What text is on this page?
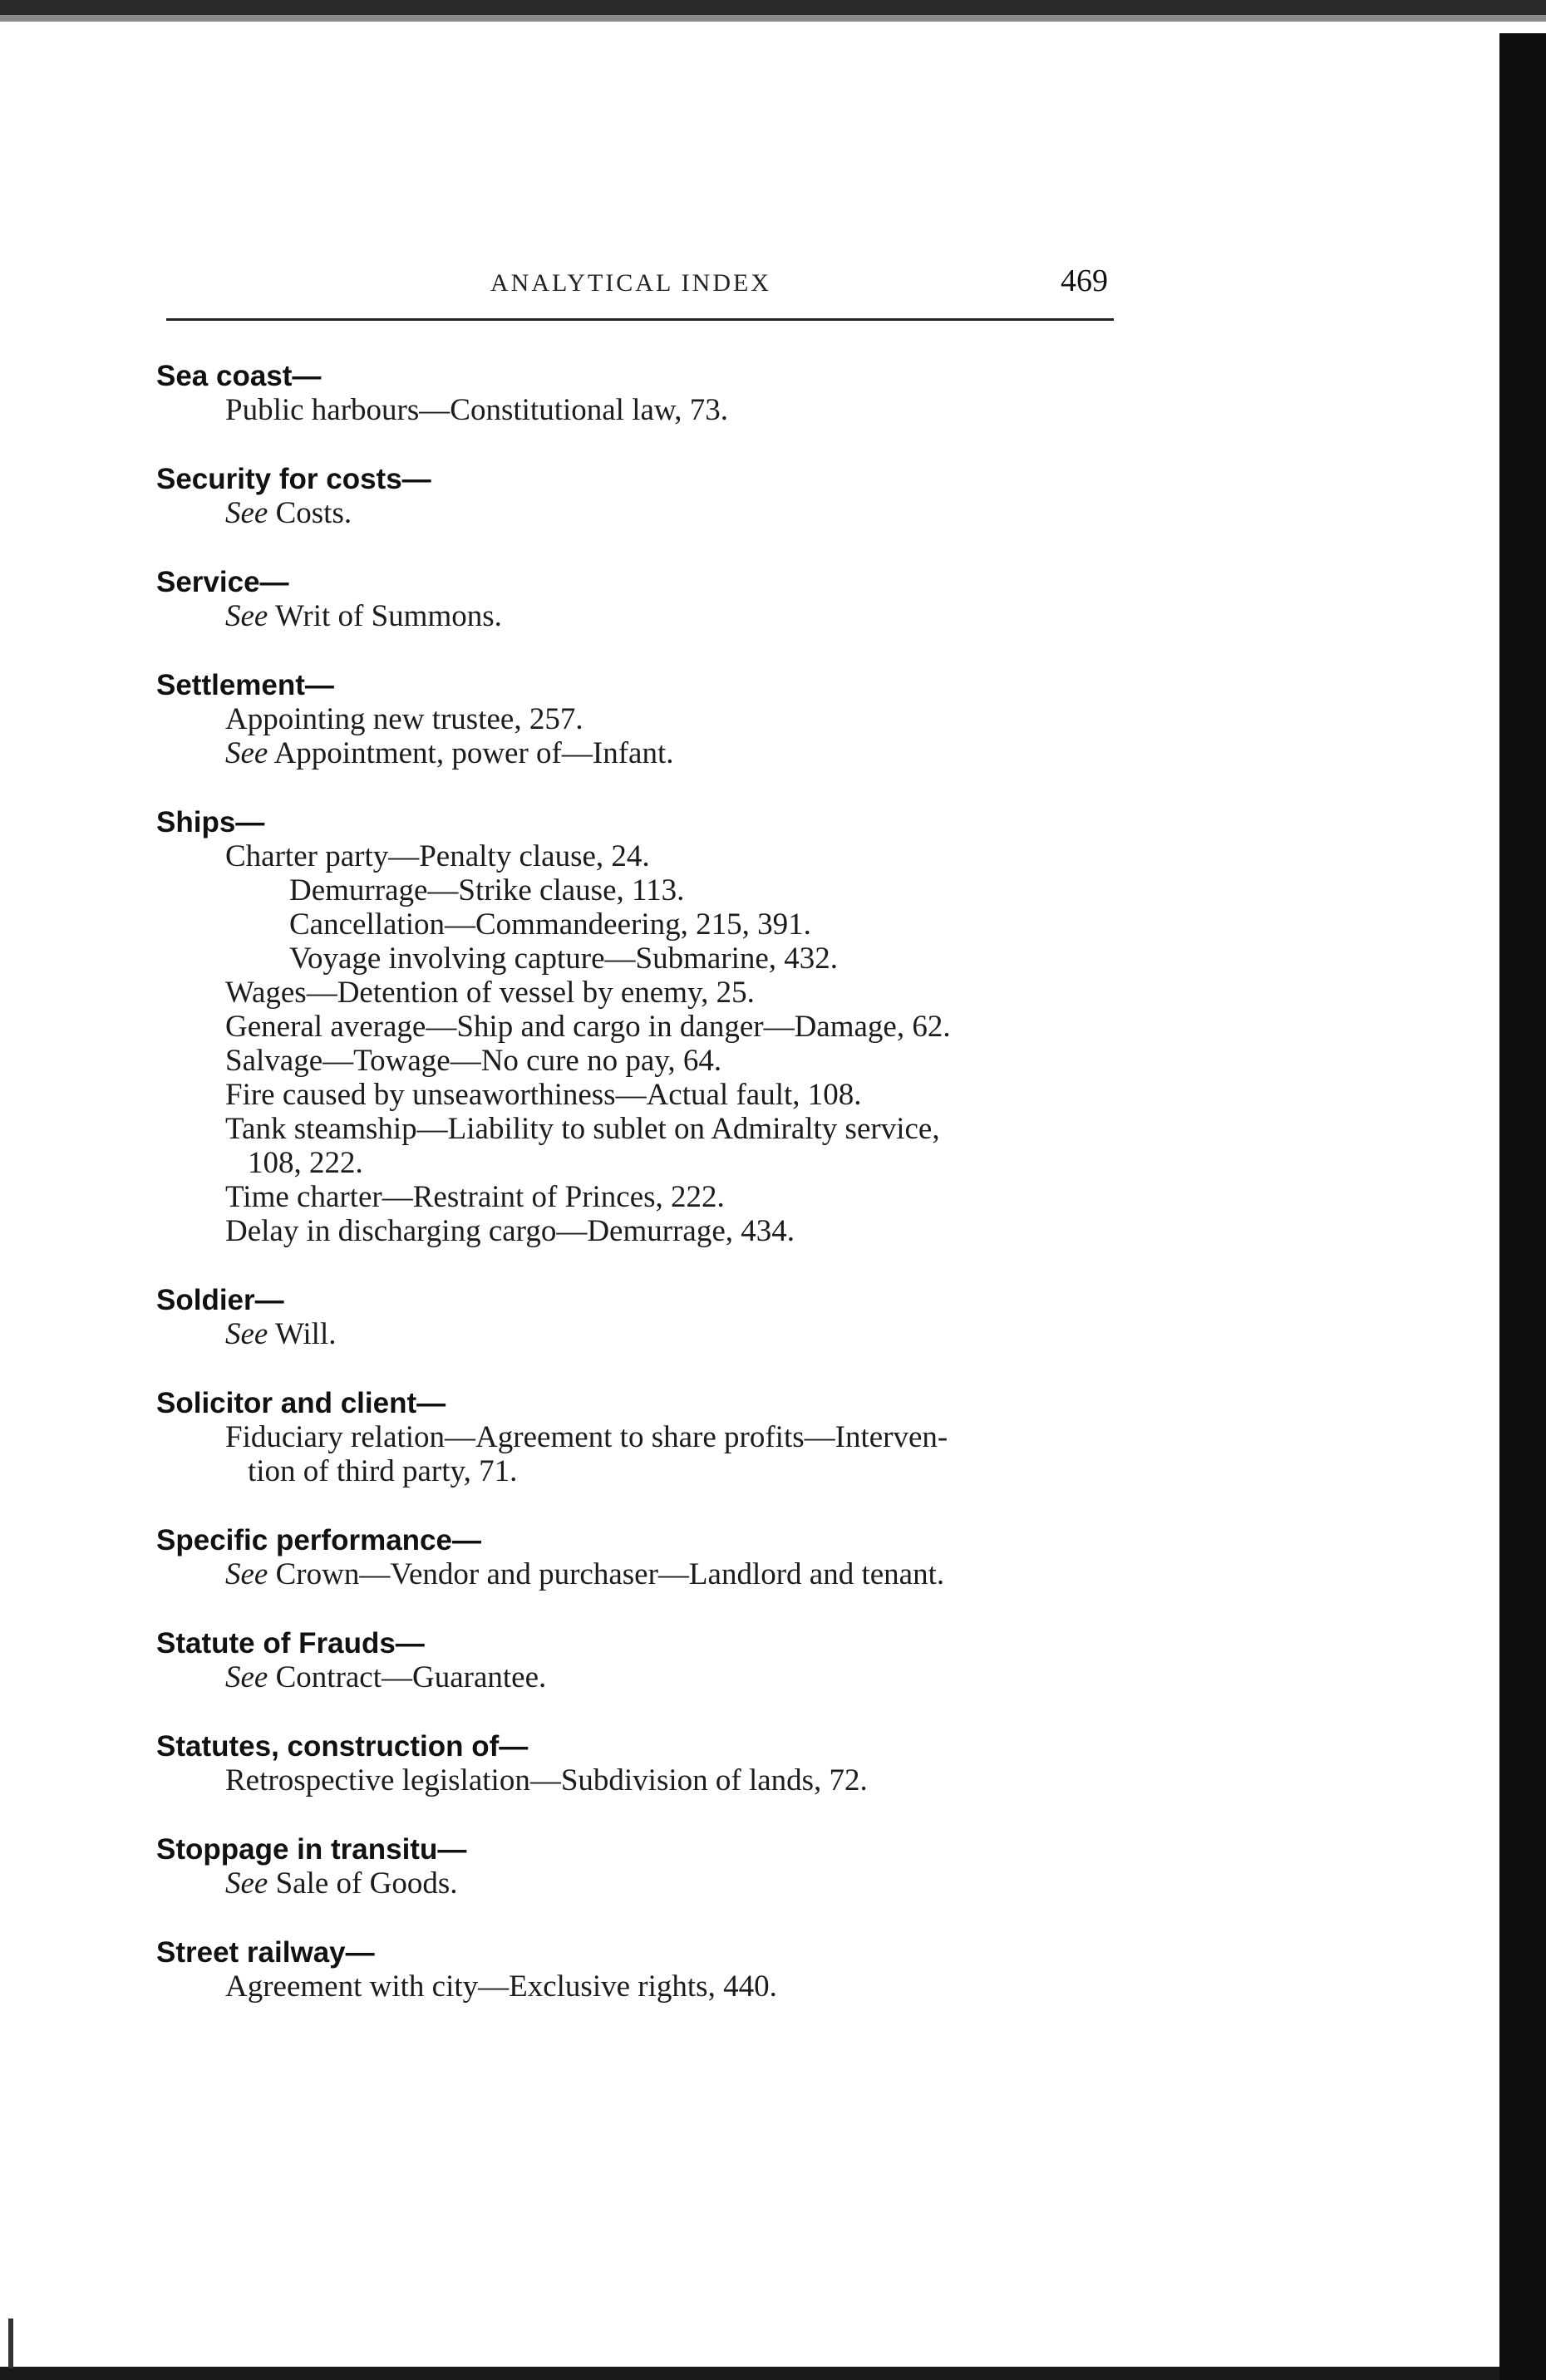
ANALYTICAL INDEX	469
Sea coast—
Public harbours—Constitutional law, 73.
Security for costs—
See Costs.
Service—
See Writ of Summons.
Settlement—
Appointing new trustee, 257.
See Appointment, power of—Infant.
Ships—
Charter party—Penalty clause, 24.
Demurrage—Strike clause, 113.
Cancellation—Commandeering, 215, 391.
Voyage involving capture—Submarine, 432.
Wages—Detention of vessel by enemy, 25.
General average—Ship and cargo in danger—Damage, 62.
Salvage—Towage—No cure no pay, 64.
Fire caused by unseaworthiness—Actual fault, 108.
Tank steamship—Liability to sublet on Admiralty service,
108, 222.
Time charter—Restraint of Princes, 222.
Delay in discharging cargo—Demurrage, 434.
Soldier—
See Will.
Solicitor and client—
Fiduciary relation—Agreement to share profits—Interven-
tion of third party, 71.
Specific performance—
See Crown—Vendor and purchaser—Landlord and tenant.
Statute of Frauds—
See Contract—Guarantee.
Statutes, construction of—
Retrospective legislation—Subdivision of lands, 72.
Stoppage in transitu—
See Sale of Goods.
Street railway—
Agreement with city—Exclusive rights, 440.
